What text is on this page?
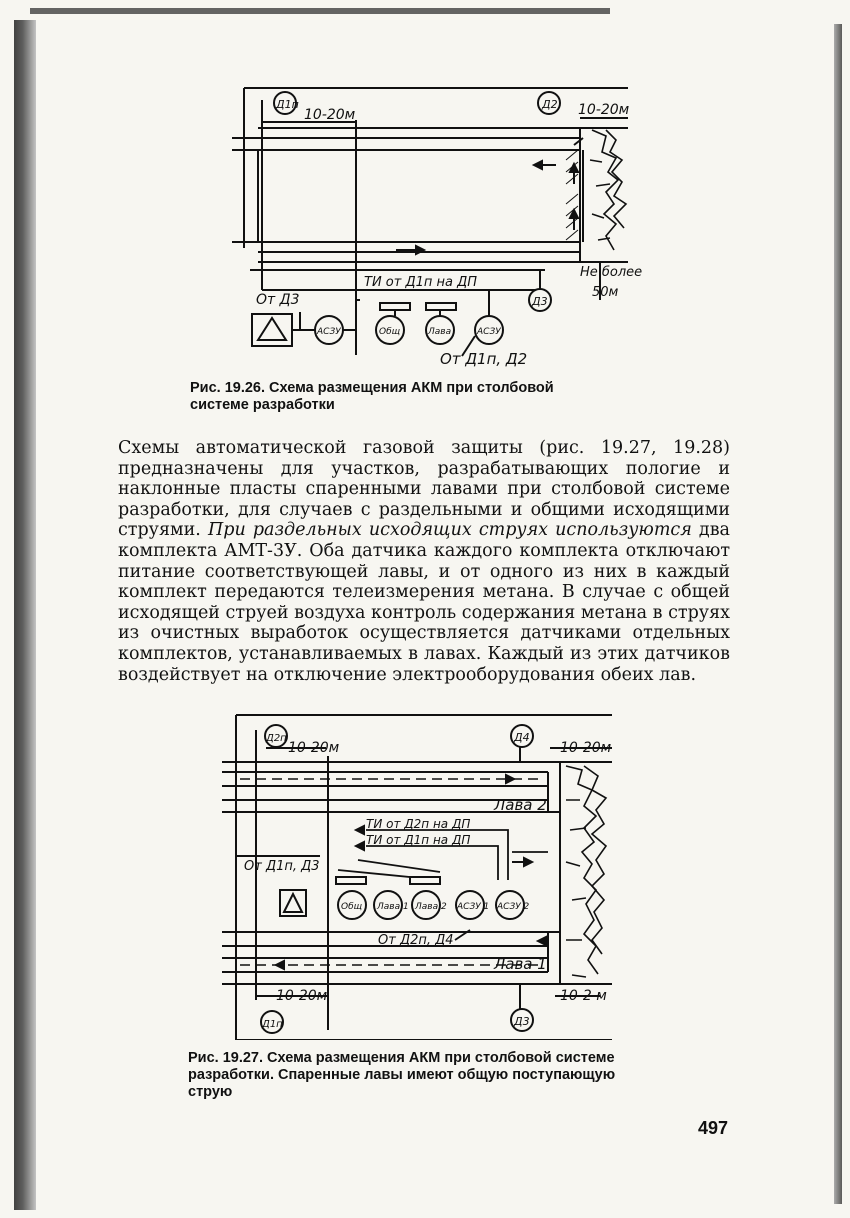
Д1п	Д2
Д3
10-20м	10-20м
Не более
50м
ТИ от Д1п на ДП
От Д3
АСЗУ	Общ	Лава	АСЗУ
От Д1п, Д2
Рис. 19.26. Схема размещения АКМ при столбовой системе разработки
Схемы автоматической газовой защиты (рис. 19.27, 19.28) предназначены для участков, разрабатывающих пологие и наклонные пласты спаренными лавами при столбовой системе разработки, для случаев с раздельными и общими исходящими струями. При раздельных исходящих струях используются два комплекта АМТ-3У. Оба датчика каждого комплекта отключают питание соответствующей лавы, и от одного из них в каждый комплект передаются телеизмерения метана. В случае с общей исходящей струей воздуха контроль содержания метана в струях из очистных выработок осуществляется датчиками отдельных комплектов, устанавливаемых в лавах. Каждый из этих датчиков воздействует на отключение электрооборудования обеих лав.
Д2п	Д4
Д1п	Д3
10-20м	10-20м
10-20м	10-2 м
Лава 2
Лава 1
ТИ от Д2п на ДП
ТИ от Д1п на ДП
От Д1п, Д3
Общ Лава 1 Лава 2 АСЗУ 1 АСЗУ 2
От Д2п, Д4
Рис. 19.27. Схема размещения АКМ при столбовой системе разработки. Спаренные лавы имеют общую поступающую струю
497
